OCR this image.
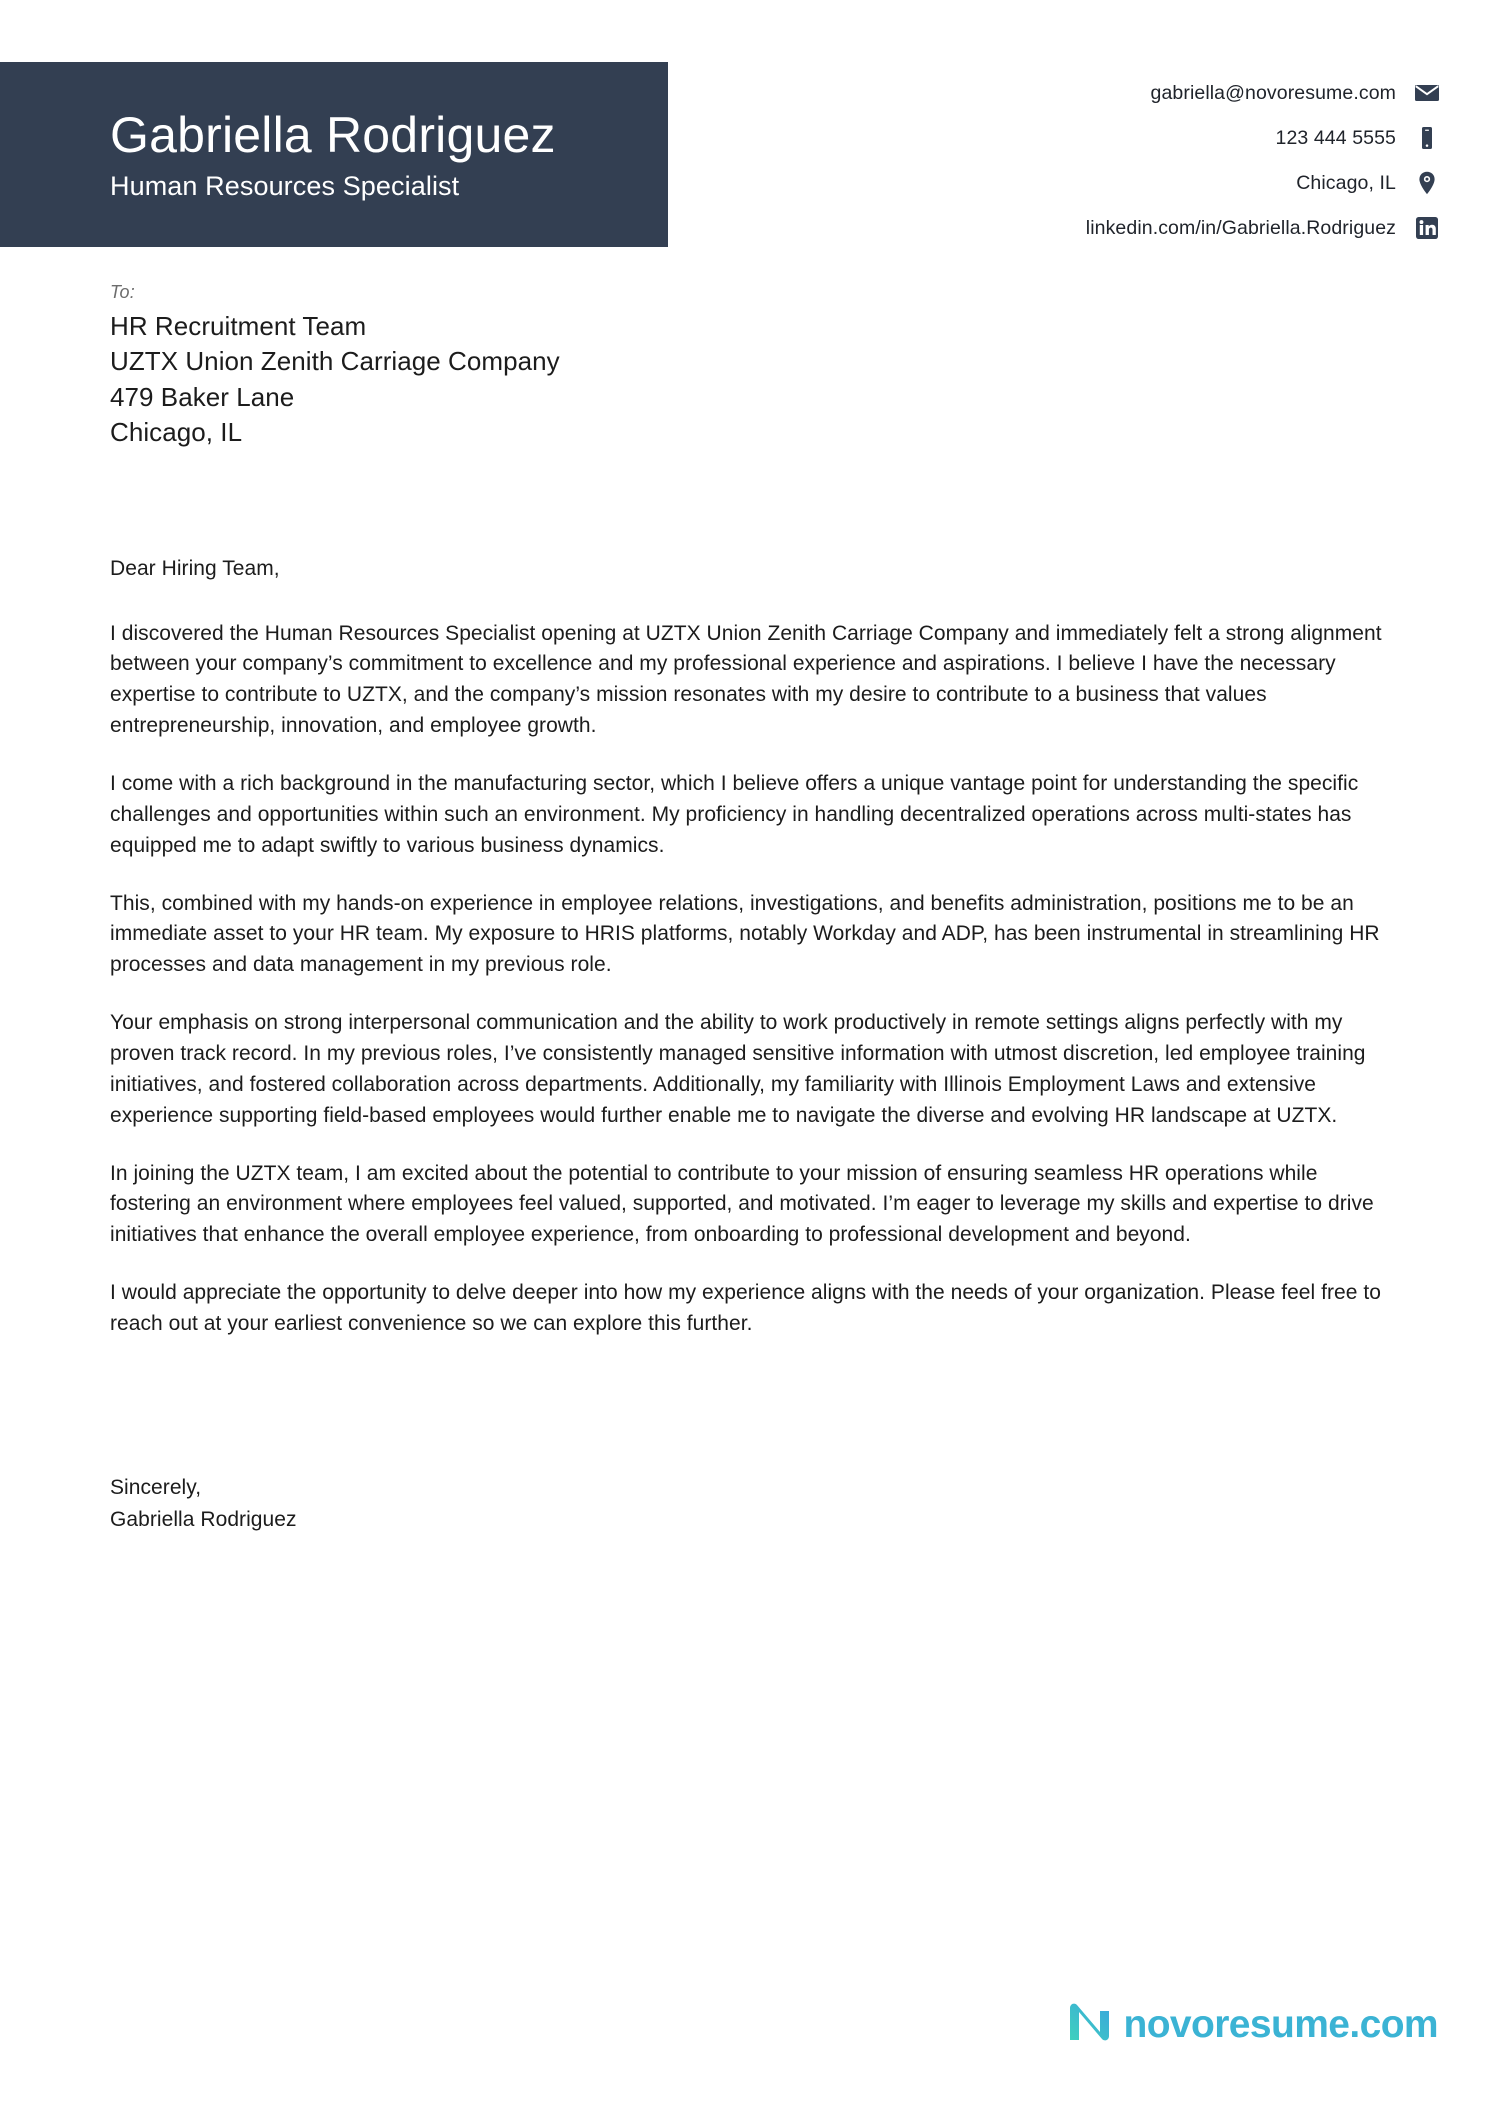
Gabriella Rodriguez
Human Resources Specialist
gabriella@novoresume.com
123 444 5555
Chicago, IL
linkedin.com/in/Gabriella.Rodriguez
To:
HR Recruitment Team
UZTX Union Zenith Carriage Company
479 Baker Lane
Chicago, IL
Dear Hiring Team,

I discovered the Human Resources Specialist opening at UZTX Union Zenith Carriage Company and immediately felt a strong alignment between your company’s commitment to excellence and my professional experience and aspirations. I believe I have the necessary expertise to contribute to UZTX, and the company’s mission resonates with my desire to contribute to a business that values entrepreneurship, innovation, and employee growth.

I come with a rich background in the manufacturing sector, which I believe offers a unique vantage point for understanding the specific challenges and opportunities within such an environment. My proficiency in handling decentralized operations across multi-states has equipped me to adapt swiftly to various business dynamics.

This, combined with my hands-on experience in employee relations, investigations, and benefits administration, positions me to be an immediate asset to your HR team. My exposure to HRIS platforms, notably Workday and ADP, has been instrumental in streamlining HR processes and data management in my previous role.

Your emphasis on strong interpersonal communication and the ability to work productively in remote settings aligns perfectly with my proven track record. In my previous roles, I’ve consistently managed sensitive information with utmost discretion, led employee training initiatives, and fostered collaboration across departments. Additionally, my familiarity with Illinois Employment Laws and extensive experience supporting field-based employees would further enable me to navigate the diverse and evolving HR landscape at UZTX.

In joining the UZTX team, I am excited about the potential to contribute to your mission of ensuring seamless HR operations while fostering an environment where employees feel valued, supported, and motivated. I’m eager to leverage my skills and expertise to drive initiatives that enhance the overall employee experience, from onboarding to professional development and beyond.

I would appreciate the opportunity to delve deeper into how my experience aligns with the needs of your organization. Please feel free to reach out at your earliest convenience so we can explore this further.

Sincerely,
Gabriella Rodriguez
novoresume.com
